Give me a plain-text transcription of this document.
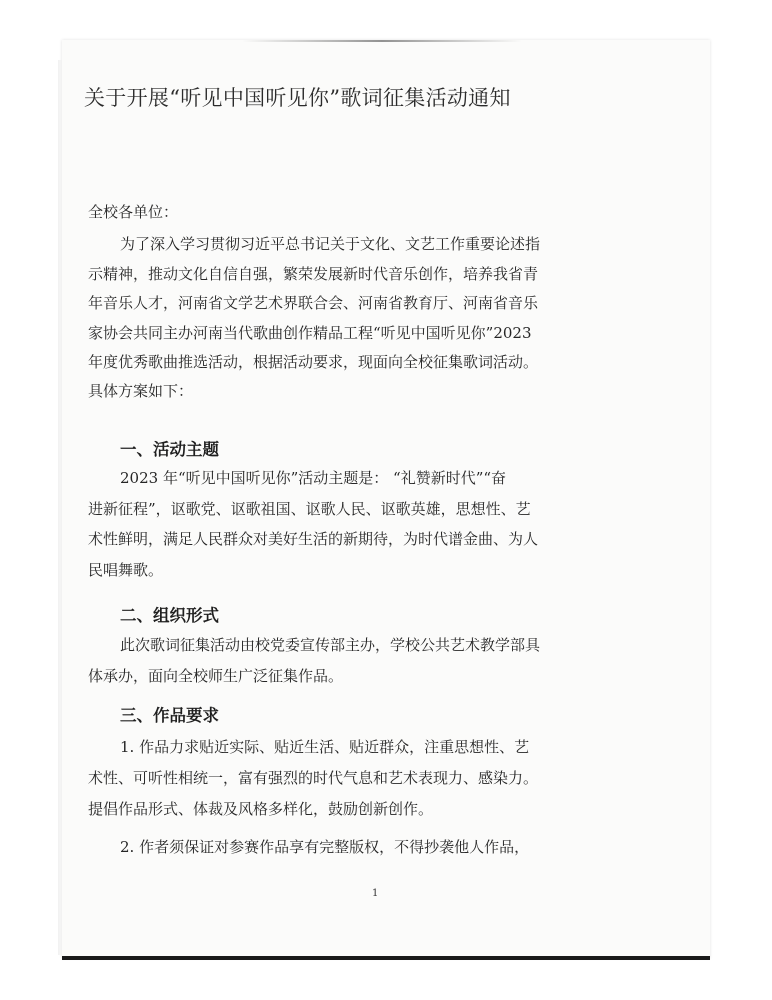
关于开展“听见中国听见你”歌词征集活动通知
全校各单位：
为了深入学习贯彻习近平总书记关于文化、文艺工作重要论述指
示精神，推动文化自信自强，繁荣发展新时代音乐创作，培养我省青
年音乐人才，河南省文学艺术界联合会、河南省教育厅、河南省音乐
家协会共同主办河南当代歌曲创作精品工程“听见中国听见你”2023
年度优秀歌曲推选活动，根据活动要求，现面向全校征集歌词活动。
具体方案如下：
一、活动主题
2023 年“听见中国听见你”活动主题是： “礼赞新时代”“奋
进新征程”，讴歌党、讴歌祖国、讴歌人民、讴歌英雄，思想性、艺
术性鲜明，满足人民群众对美好生活的新期待，为时代谱金曲、为人
民唱舞歌。
二、组织形式
此次歌词征集活动由校党委宣传部主办，学校公共艺术教学部具
体承办，面向全校师生广泛征集作品。
三、作品要求
1. 作品力求贴近实际、贴近生活、贴近群众，注重思想性、艺
术性、可听性相统一，富有强烈的时代气息和艺术表现力、感染力。
提倡作品形式、体裁及风格多样化，鼓励创新创作。
2. 作者须保证对参赛作品享有完整版权，不得抄袭他人作品，
1
